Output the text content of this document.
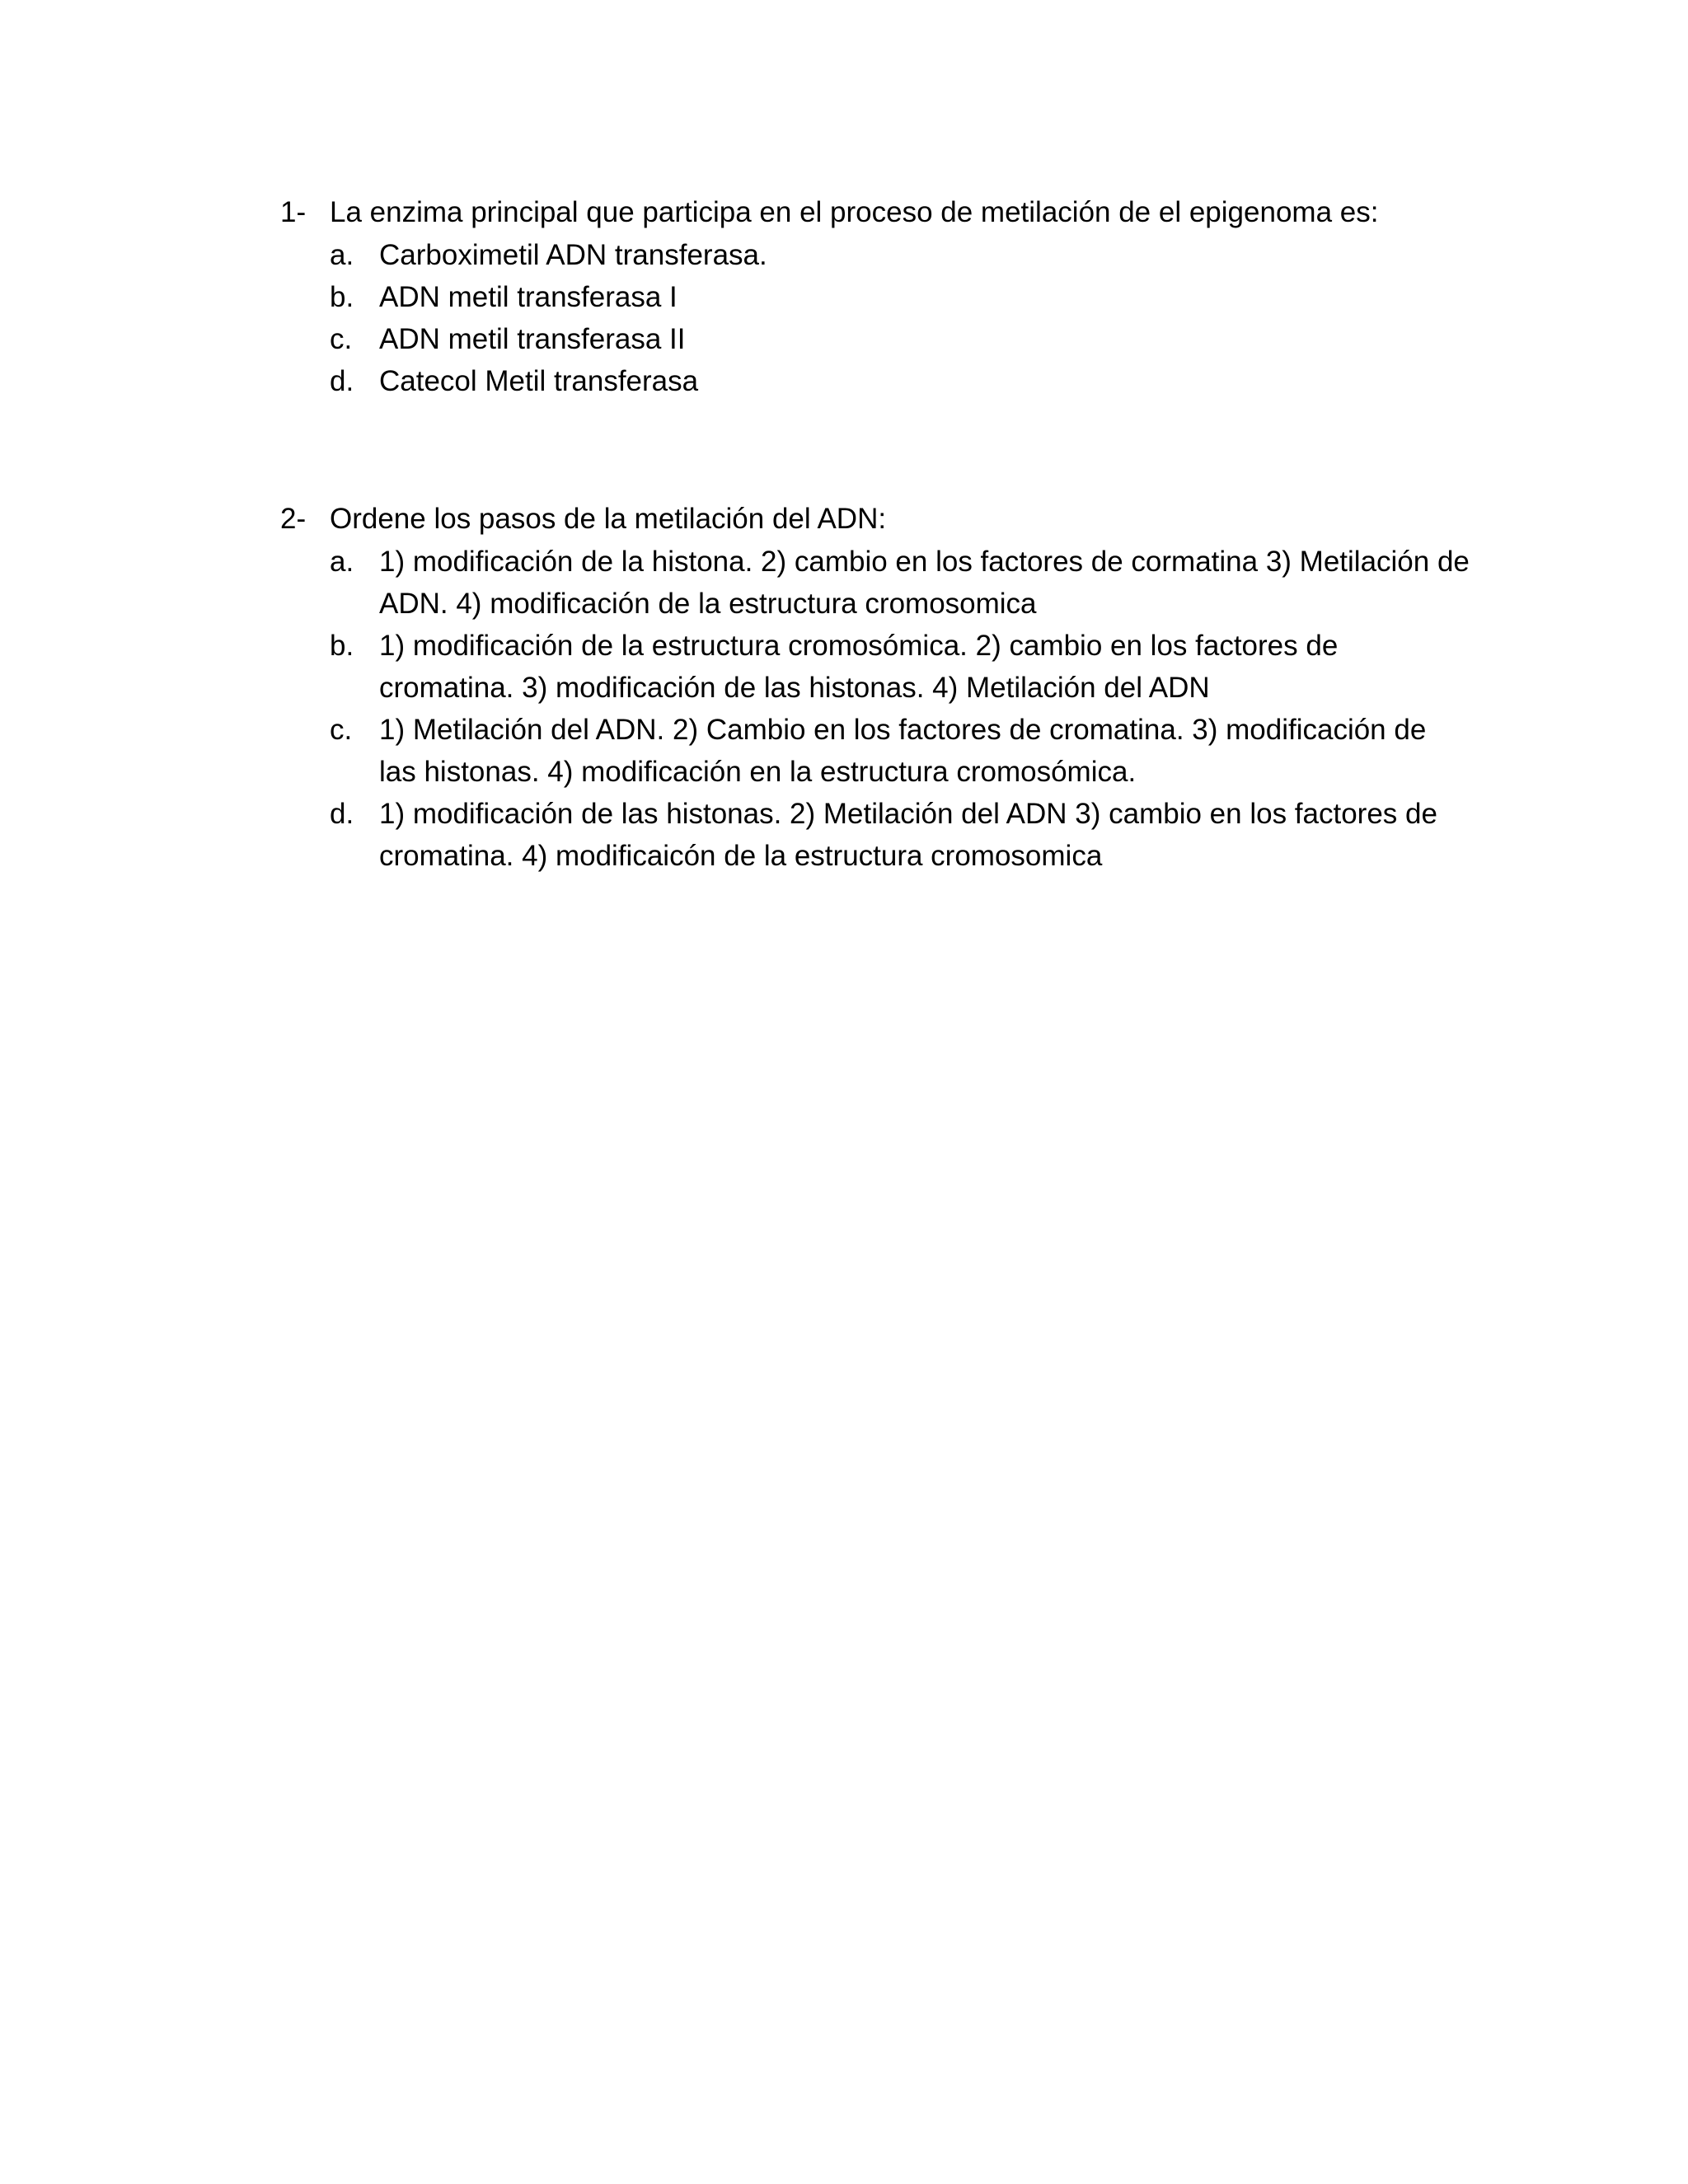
1- La enzima principal que participa en el proceso de metilación de el epigenoma es:
a. Carboximetil ADN transferasa.
b. ADN metil transferasa I
c. ADN metil transferasa II
d. Catecol Metil transferasa
2- Ordene los pasos de la metilación del ADN:
a. 1) modificación de la histona. 2) cambio en los factores de cormatina 3) Metilación de
ADN. 4) modificación de la estructura cromosomica
b. 1) modificación de la estructura cromosómica. 2) cambio en los factores de
cromatina. 3) modificación de las histonas. 4) Metilación del ADN
c. 1) Metilación del ADN. 2) Cambio en los factores de cromatina. 3) modificación de
las histonas. 4) modificación en la estructura cromosómica.
d. 1) modificación de las histonas. 2) Metilación del ADN 3) cambio en los factores de
cromatina. 4) modificaicón de la estructura cromosomica
